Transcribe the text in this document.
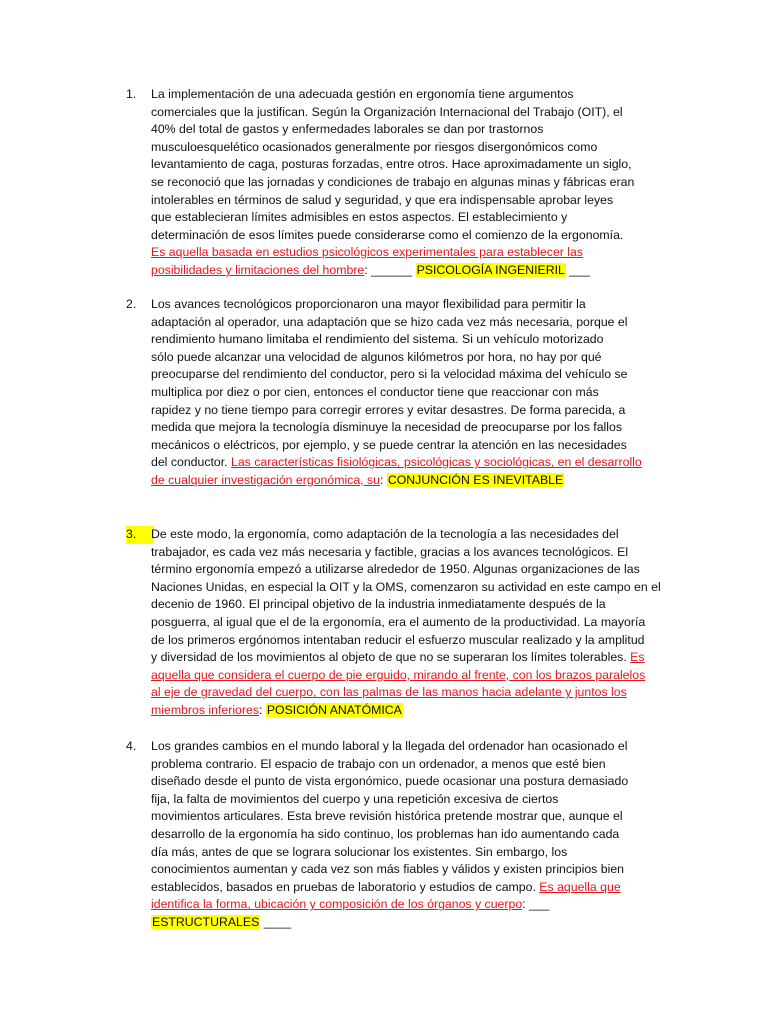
1.	La implementación de una adecuada gestión en ergonomía tiene argumentos
comerciales que la justifican. Según la Organización Internacional del Trabajo (OIT), el
40% del total de gastos y enfermedades laborales se dan por trastornos
musculoesquelético ocasionados generalmente por riesgos disergonómicos como
levantamiento de caga, posturas forzadas, entre otros. Hace aproximadamente un siglo,
se reconoció que las jornadas y condiciones de trabajo en algunas minas y fábricas eran
intolerables en términos de salud y seguridad, y que era indispensable aprobar leyes
que establecieran límites admisibles en estos aspectos. El establecimiento y
determinación de esos límites puede considerarse como el comienzo de la ergonomía.
Es aquella basada en estudios psicológicos experimentales para establecer las
posibilidades y limitaciones del hombre: ______ PSICOLOGÍA INGENIERIL ___
2.	Los avances tecnológicos proporcionaron una mayor flexibilidad para permitir la
adaptación al operador, una adaptación que se hizo cada vez más necesaria, porque el
rendimiento humano limitaba el rendimiento del sistema. Si un vehículo motorizado
sólo puede alcanzar una velocidad de algunos kilómetros por hora, no hay por qué
preocuparse del rendimiento del conductor, pero si la velocidad máxima del vehículo se
multiplica por diez o por cien, entonces el conductor tiene que reaccionar con más
rapidez y no tiene tiempo para corregir errores y evitar desastres. De forma parecida, a
medida que mejora la tecnología disminuye la necesidad de preocuparse por los fallos
mecánicos o eléctricos, por ejemplo, y se puede centrar la atención en las necesidades
del conductor. Las características fisiológicas, psicológicas y sociológicas, en el desarrollo
de cualquier investigación ergonómica, su: CONJUNCIÓN ES INEVITABLE
3.	De este modo, la ergonomía, como adaptación de la tecnología a las necesidades del
trabajador, es cada vez más necesaria y factible, gracias a los avances tecnológicos. El
término ergonomía empezó a utilizarse alrededor de 1950. Algunas organizaciones de las
Naciones Unidas, en especial la OIT y la OMS, comenzaron su actividad en este campo en el
decenio de 1960. El principal objetivo de la industria inmediatamente después de la
posguerra, al igual que el de la ergonomía, era el aumento de la productividad. La mayoría
de los primeros ergónomos intentaban reducir el esfuerzo muscular realizado y la amplitud
y diversidad de los movimientos al objeto de que no se superaran los límites tolerables. Es
aquella que considera el cuerpo de pie erguido, mirando al frente, con los brazos paralelos
al eje de gravedad del cuerpo, con las palmas de las manos hacia adelante y juntos los
miembros inferiores: POSICIÓN ANATÓMICA
4.	Los grandes cambios en el mundo laboral y la llegada del ordenador han ocasionado el
problema contrario. El espacio de trabajo con un ordenador, a menos que esté bien
diseñado desde el punto de vista ergonómico, puede ocasionar una postura demasiado
fija, la falta de movimientos del cuerpo y una repetición excesiva de ciertos
movimientos articulares. Esta breve revisión histórica pretende mostrar que, aunque el
desarrollo de la ergonomía ha sido continuo, los problemas han ido aumentando cada
día más, antes de que se lograra solucionar los existentes. Sin embargo, los
conocimientos aumentan y cada vez son más fiables y válidos y existen principios bien
establecidos, basados en pruebas de laboratorio y estudios de campo. Es aquella que
identifica la forma, ubicación y composición de los órganos y cuerpo: ___
ESTRUCTURALES ____
